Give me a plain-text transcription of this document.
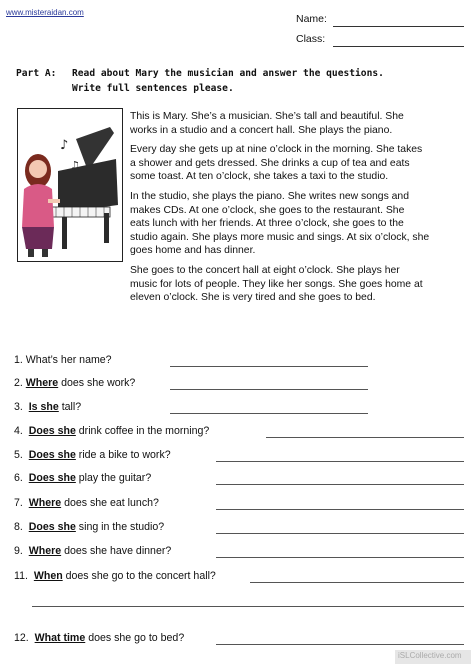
www.misteraidan.com
Name:
Class:
Part A: Read about Mary the musician and answer the questions.
Write full sentences please.
♪
♫

This is Mary. She’s a musician. She’s tall and beautiful. She
works in a studio and a concert hall. She plays the piano.

Every day she gets up at nine o’clock in the morning. She takes
a shower and gets dressed. She drinks a cup of tea and eats
some toast. At ten o’clock, she takes a taxi to the studio.

In the studio, she plays the piano. She writes new songs and
makes CDs. At one o’clock, she goes to the restaurant. She
eats lunch with her friends. At three o’clock, she goes to the
studio again. She plays more music and sings. At six o’clock, she
goes home and has dinner.

She goes to the concert hall at eight o’clock. She plays her
music for lots of people. They like her songs. She goes home at
eleven o’clock. She is very tired and she goes to bed.

1. What’s her name?
2. Where does she work?
3. Is she tall?
4. Does she drink coffee in the morning?
5. Does she ride a bike to work?
6. Does she play the guitar?
7. Where does she eat lunch?
8. Does she sing in the studio?
9. Where does she have dinner?
11. When does she go to the concert hall?
12. What time does she go to bed?
iSLCollective.com
